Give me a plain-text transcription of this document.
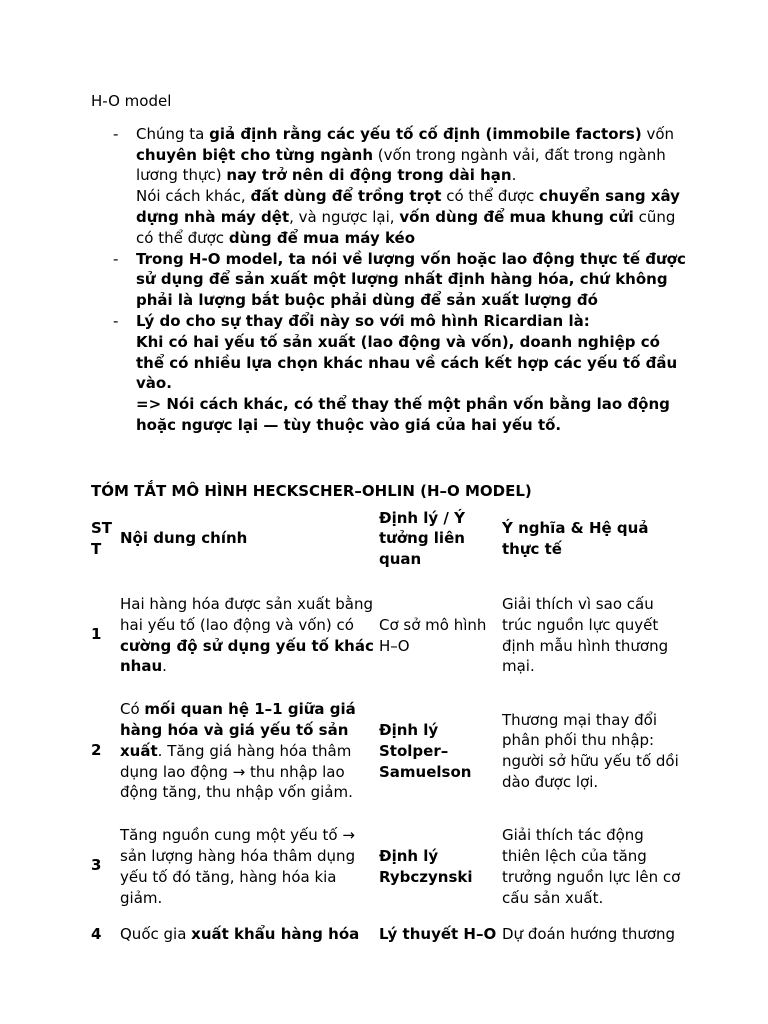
H-O model

- Chúng ta giả định rằng các yếu tố cố định (immobile factors) vốn chuyên biệt cho từng ngành (vốn trong ngành vải, đất trong ngành lương thực) nay trở nên di động trong dài hạn.
Nói cách khác, đất dùng để trồng trọt có thể được chuyển sang xây dựng nhà máy dệt, và ngược lại, vốn dùng để mua khung cửi cũng có thể được dùng để mua máy kéo
- Trong H-O model, ta nói về lượng vốn hoặc lao động thực tế được sử dụng để sản xuất một lượng nhất định hàng hóa, chứ không phải là lượng bắt buộc phải dùng để sản xuất lượng đó
- Lý do cho sự thay đổi này so với mô hình Ricardian là:
Khi có hai yếu tố sản xuất (lao động và vốn), doanh nghiệp có thể có nhiều lựa chọn khác nhau về cách kết hợp các yếu tố đầu vào.
=> Nói cách khác, có thể thay thế một phần vốn bằng lao động hoặc ngược lại — tùy thuộc vào giá của hai yếu tố.
TÓM TẮT MÔ HÌNH HECKSCHER–OHLIN (H–O MODEL)
STT	Nội dung chính	Định lý / Ý tưởng liên quan	Ý nghĩa & Hệ quả thực tế

1	Hai hàng hóa được sản xuất bằng hai yếu tố (lao động và vốn) có cường độ sử dụng yếu tố khác nhau.	Cơ sở mô hình H–O	Giải thích vì sao cấu trúc nguồn lực quyết định mẫu hình thương mại.

2	Có mối quan hệ 1–1 giữa giá hàng hóa và giá yếu tố sản xuất. Tăng giá hàng hóa thâm dụng lao động → thu nhập lao động tăng, thu nhập vốn giảm.	Định lý Stolper–Samuelson	Thương mại thay đổi phân phối thu nhập: người sở hữu yếu tố dồi dào được lợi.

3	Tăng nguồn cung một yếu tố → sản lượng hàng hóa thâm dụng yếu tố đó tăng, hàng hóa kia giảm.	Định lý Rybczynski	Giải thích tác động thiên lệch của tăng trưởng nguồn lực lên cơ cấu sản xuất.

4	Quốc gia xuất khẩu hàng hóa	Lý thuyết H–O	Dự đoán hướng thương
